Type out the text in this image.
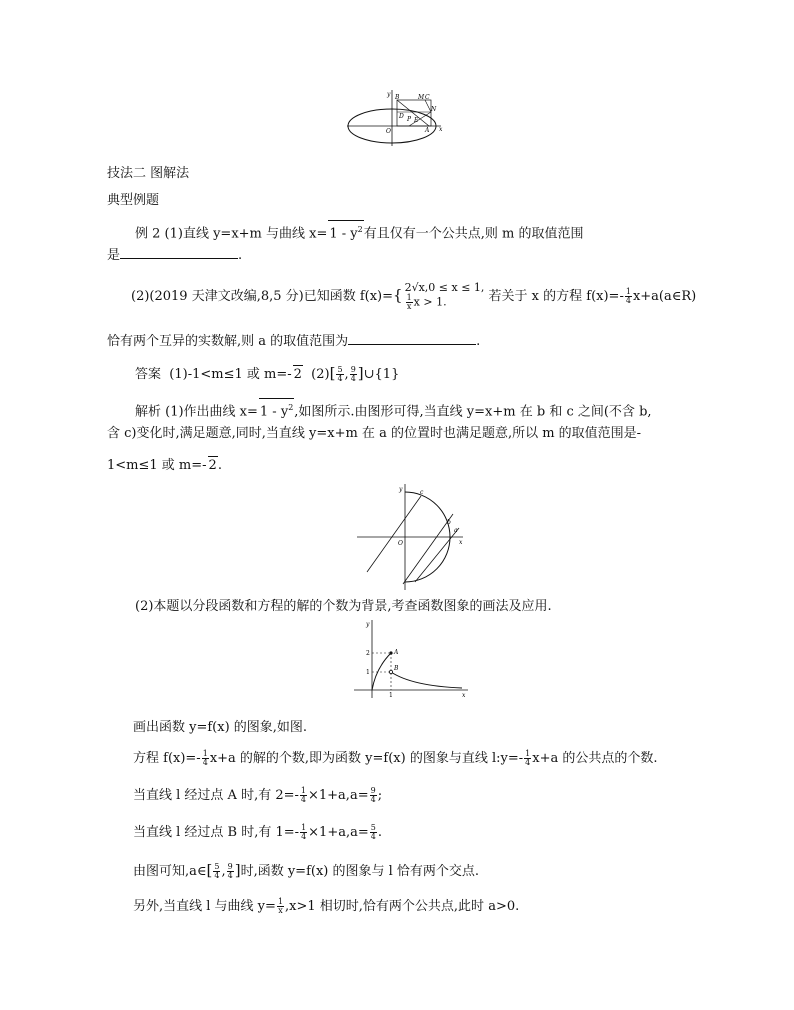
y B	M C
N
D P E
A
O	x
技法二 图解法
典型例题
例 2 (1)直线 y=x+m 与曲线 $x= 1 - y^2$有且仅有一个公共点,则 m 的取值范围
是	.
(2)(2019 天津文改编,8,5 分)已知函数 f(x)={ 2√x,0 ≤ x ≤ 1,
$\frac{1}{x}$ x > 1.	若关于 x 的方程 $f(x)=- \frac{1}{4}$ x+a(a∈R)
恰有两个互异的实数解,则 a 的取值范围为	.
答案 (1)-1<m≤1 或 m=- 2 $(2)[ \frac{5}{4}$ , $\frac{9}{4}$ ]∪{1}
解析 (1)作出曲线 $x= 1 - y^2$,如图所示.由图形可得,当直线 y=x+m 在 b 和 c 之间(不含 b,
含 c)变化时,满足题意,同时,当直线 y=x+m 在 a 的位置时也满足题意,所以 m 的取值范围是-
1<m≤1 或 m=- 2.
y	c
b
a
O	x
(2)本题以分段函数和方程的解的个数为背景,考查函数图象的画法及应用.
y
A
B
2
1
1	x
画出函数 y=f(x) 的图象,如图.
方程 $f(x)=- \frac{1}{4} x+a$ 的解的个数,即为函数 y=f(x) 的图象与直线 l:y=- $\frac{1}{4} x+a$ 的公共点的个数.
当直线 l 经过点 A 时,有 $2=- \frac{1}{4} \times 1+a,a= \frac{9}{4}$ ;
当直线 l 经过点 B 时,有 $1=- \frac{1}{4} \times 1+a,a= \frac{5}{4}$ .
由图可知,a∈[ $\frac{5}{4}$ , $\frac{9}{4}$ ]时,函数 y=f(x) 的图象与 l 恰有两个交点.
另外,当直线 l 与曲线 $y= \frac{1}{x} ,x>1$ 相切时,恰有两个公共点,此时 a>0.
